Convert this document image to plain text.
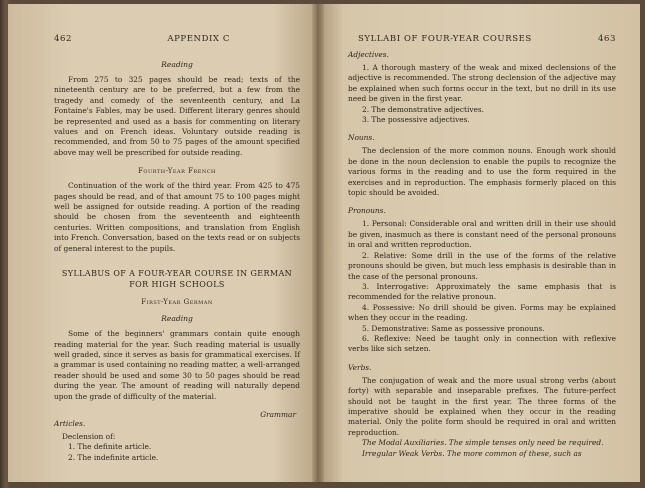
462	APPENDIX C
Reading

From 275 to 325 pages should be read; texts of the nineteenth century are to be preferred, but a few from the tragedy and comedy of the seventeenth century, and La Fontaine's Fables, may be used. Different literary genres should be represented and used as a basis for commenting on literary values and on French ideas. Voluntary outside reading is recommended, and from 50 to 75 pages of the amount specified above may well be prescribed for outside reading.

Fourth-Year French

Continuation of the work of the third year. From 425 to 475 pages should be read, and of that amount 75 to 100 pages might well be assigned for outside reading. A portion of the reading should be chosen from the seventeenth and eighteenth centuries. Written compositions, and translation from English into French. Conversation, based on the texts read or on subjects of general interest to the pupils.

SYLLABUS OF A FOUR-YEAR COURSE IN GERMAN
FOR HIGH SCHOOLS
First-Year German
Reading

Some of the beginners' grammars contain quite enough reading material for the year. Such reading material is usually well graded, since it serves as basis for grammatical exercises. If a grammar is used containing no reading matter, a well-arranged reader should be used and some 30 to 50 pages should be read during the year. The amount of reading will naturally depend upon the grade of difficulty of the material.

Grammar
Articles.
Declension of:
1. The definite article.
2. The indefinite article.
SYLLABI OF FOUR-YEAR COURSES	463
Adjectives.

1. A thorough mastery of the weak and mixed declensions of the adjective is recommended. The strong declension of the adjective may be explained when such forms occur in the text, but no drill in its use need be given in the first year.

2. The demonstrative adjectives.

3. The possessive adjectives.

Nouns.

The declension of the more common nouns. Enough work should be done in the noun declension to enable the pupils to recognize the various forms in the reading and to use the form required in the exercises and in reproduction. The emphasis formerly placed on this topic should be avoided.

Pronouns.

1. Personal: Considerable oral and written drill in their use should be given, inasmuch as there is constant need of the personal pronouns in oral and written reproduction.

2. Relative: Some drill in the use of the forms of the relative pronouns should be given, but much less emphasis is desirable than in the case of the personal pronouns.

3. Interrogative: Approximately the same emphasis that is recommended for the relative pronoun.

4. Possessive: No drill should be given. Forms may be explained when they occur in the reading.

5. Demonstrative: Same as possessive pronouns.

6. Reflexive: Need be taught only in connection with reflexive verbs like sich setzen.

Verbs.

The conjugation of weak and the more usual strong verbs (about forty) with separable and inseparable prefixes. The future-perfect should not be taught in the first year. The three forms of the imperative should be explained when they occur in the reading material. Only the polite form should be required in oral and written reproduction.

The Modal Auxiliaries. The simple tenses only need be required.

Irregular Weak Verbs. The more common of these, such as
